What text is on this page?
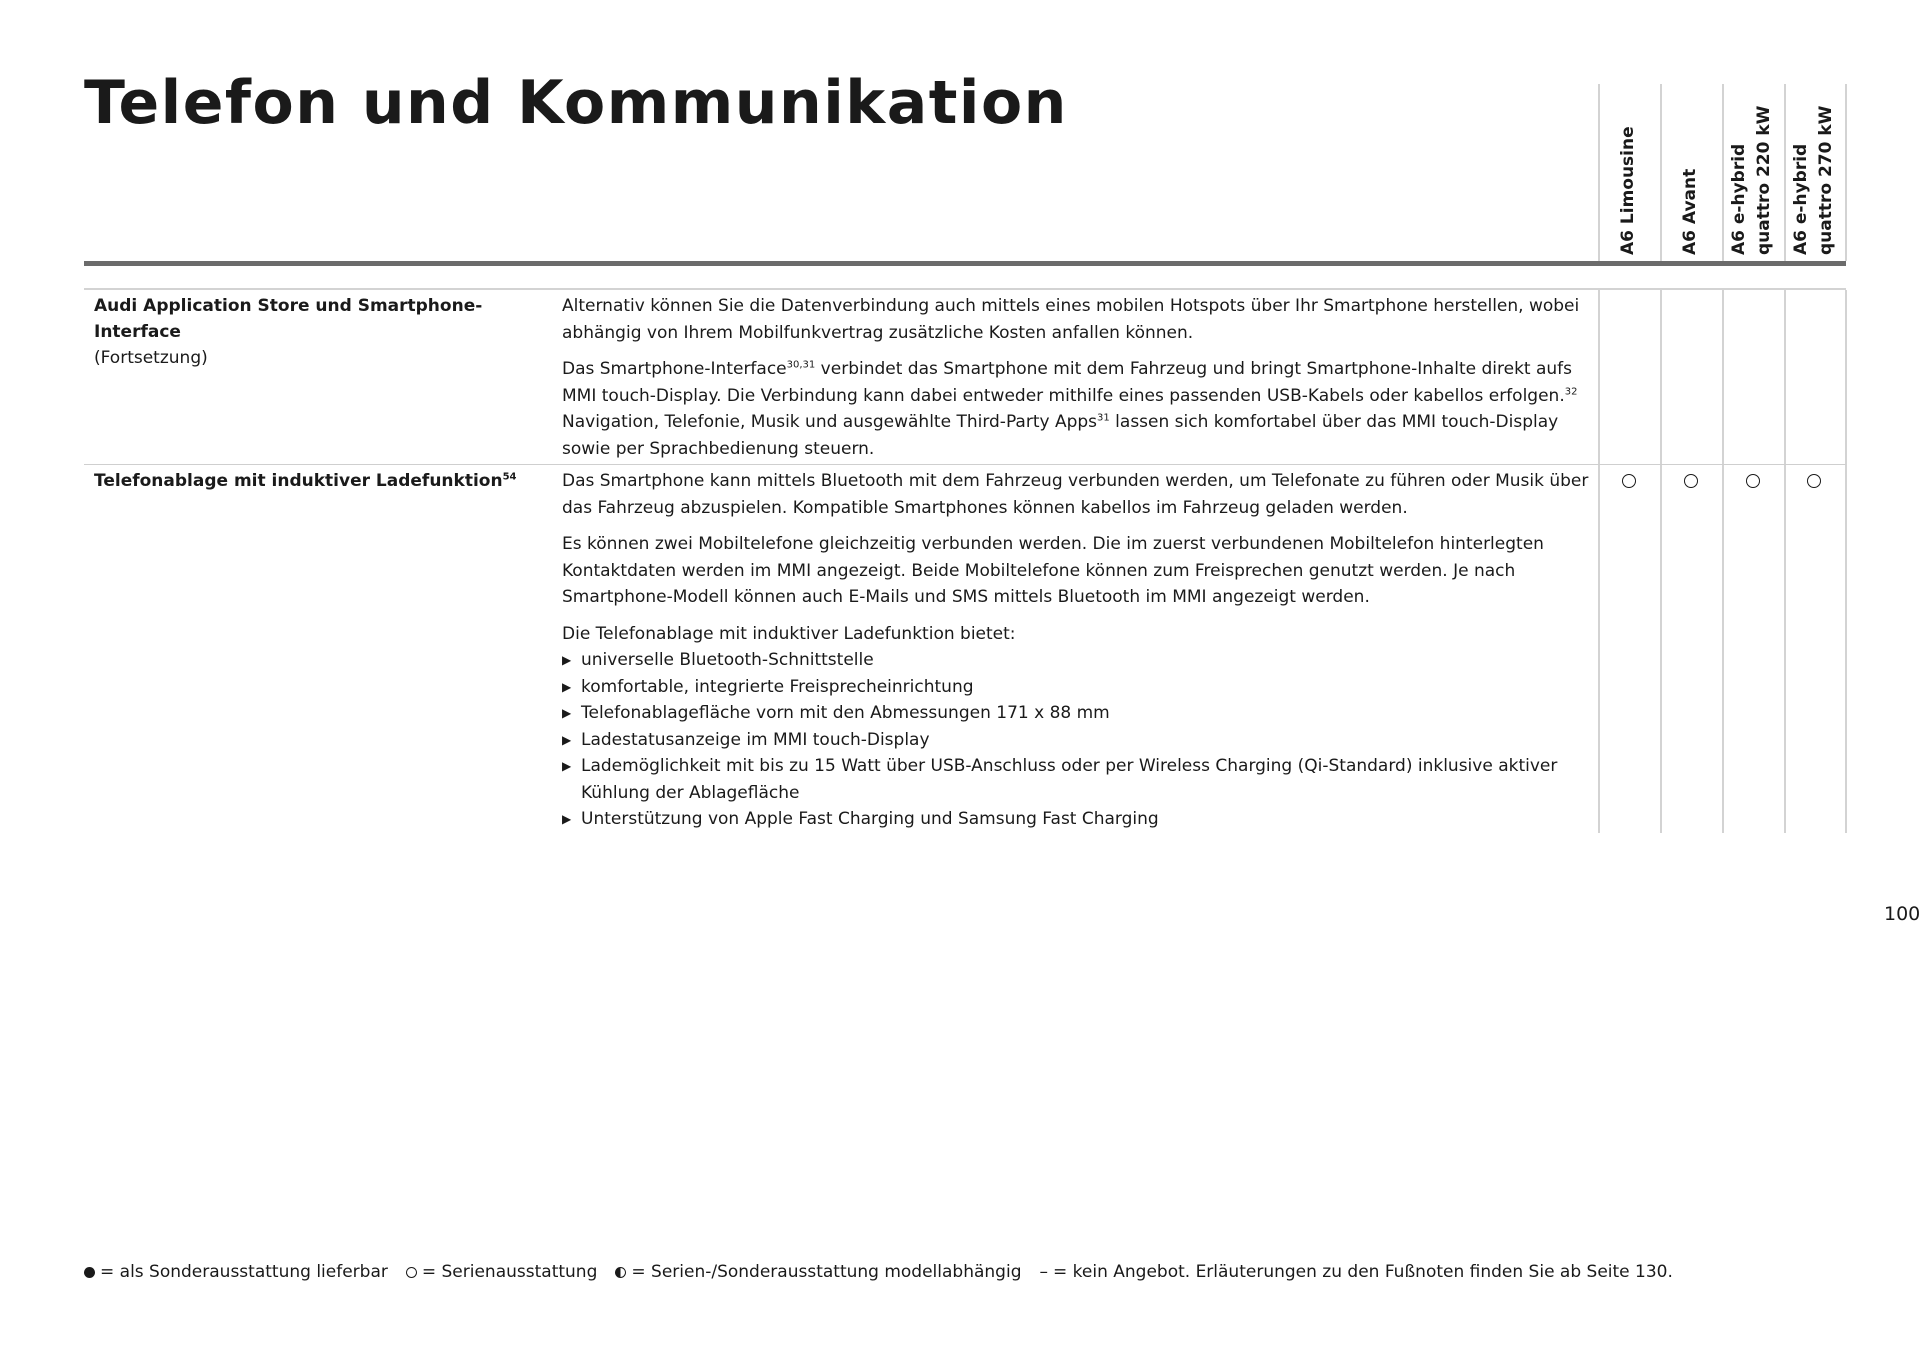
Telefon und Kommunikation
A6 Limousine A6 Avant A6 e-hybrid quattro 220 kW A6 e-hybrid quattro 270 kW
Audi Application Store und Smartphone-Interface
(Fortsetzung)

Alternativ können Sie die Datenverbindung auch mittels eines mobilen Hotspots über Ihr Smartphone herstellen, wobei abhängig von Ihrem Mobilfunkvertrag zusätzliche Kosten anfallen können.

Das Smartphone-Interface$^{30,31}$ verbindet das Smartphone mit dem Fahrzeug und bringt Smartphone-Inhalte direkt aufs MMI touch-Display. Die Verbindung kann dabei entweder mithilfe eines passenden USB-Kabels oder kabellos erfolgen.$^{32}$ Navigation, Telefonie, Musik und ausgewählte Third-Party Apps$^{31}$ lassen sich komfortabel über das MMI touch-Display sowie per Sprachbedienung steuern.

Telefonablage mit induktiver Ladefunktion$^{54}$	Das Smartphone kann mittels Bluetooth mit dem Fahrzeug verbunden werden, um Telefonate zu führen oder Musik über das Fahrzeug abzuspielen. Kompatible Smartphones können kabellos im Fahrzeug geladen werden.

Es können zwei Mobiltelefone gleichzeitig verbunden werden. Die im zuerst verbundenen Mobiltelefon hinterlegten Kontaktdaten werden im MMI angezeigt. Beide Mobiltelefone können zum Freisprechen genutzt werden. Je nach Smartphone-Modell können auch E-Mails und SMS mittels Bluetooth im MMI angezeigt werden.

Die Telefonablage mit induktiver Ladefunktion bietet:

▶ universelle Bluetooth-Schnittstelle
▶ komfortable, integrierte Freisprecheinrichtung
▶ Telefonablagefläche vorn mit den Abmessungen 171 x 88 mm
▶ Ladestatusanzeige im MMI touch-Display
▶ Lademöglichkeit mit bis zu 15 Watt über USB-Anschluss oder per Wireless Charging (Qi-Standard) inklusive aktiver Kühlung der Ablagefläche
▶ Unterstützung von Apple Fast Charging und Samsung Fast Charging
100
= als Sonderausstattung lieferbar = Serienausstattung = Serien-/Sonderausstattung modellabhängig – = kein Angebot. Erläuterungen zu den Fußnoten finden Sie ab Seite 130.
